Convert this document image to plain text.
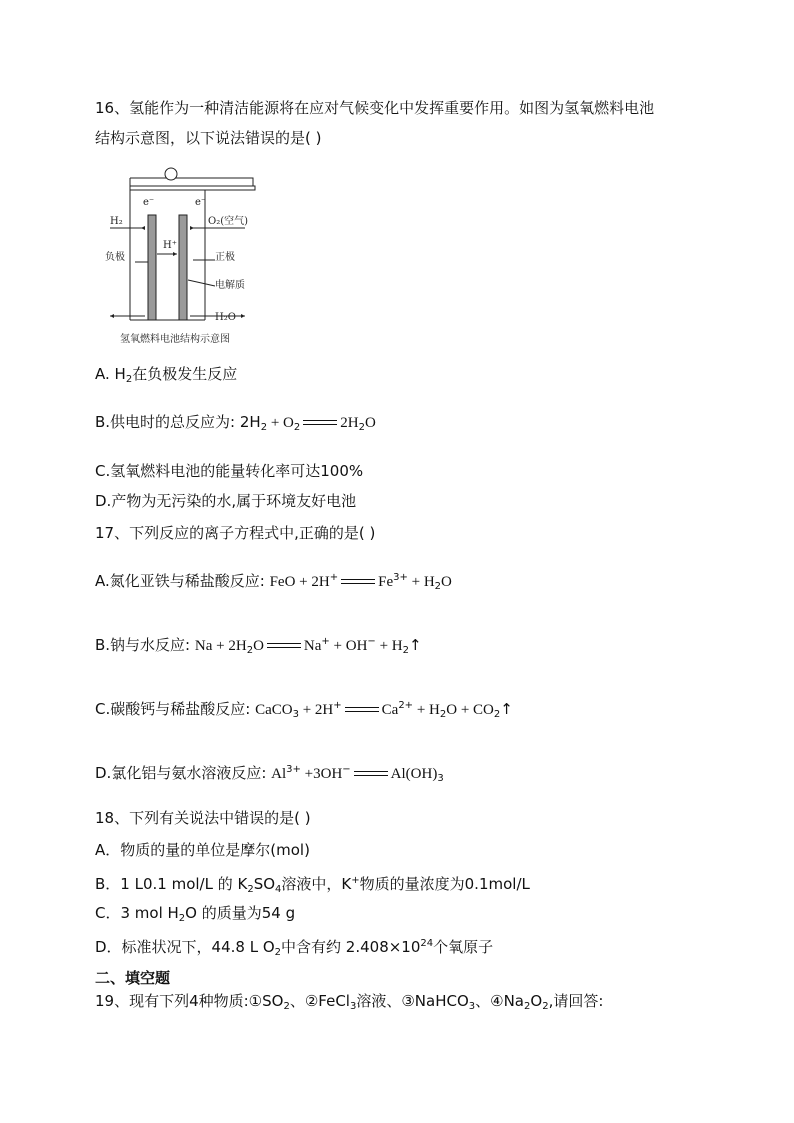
16、氢能作为一种清洁能源将在应对气候变化中发挥重要作用。如图为氢氧燃料电池
结构示意图，以下说法错误的是( )
e⁻	e⁻
H₂	O₂(空气)
H⁺
负极	正极
电解质
H₂O
氢氧燃料电池结构示意图
A. $H_2$在负极发生反应
B.供电时的总反应为: $2H_2 + O_2$	$2H_2O$
C.氢氧燃料电池的能量转化率可达100%
D.产物为无污染的水,属于环境友好电池
17、下列反应的离子方程式中,正确的是( )
A.氮化亚铁与稀盐酸反应: FeO + 2H+	$Fe^{3+} + H_2O$
B.钠与水反应: $Na + 2H_2O$	$Na^+ + OH^- + H_2↑$
C.碳酸钙与稀盐酸反应: CaCO$_3$ + 2H+	$Ca^{2+} + H_2O$ + $CO_2↑$
D.氯化铝与氨水溶液反应: $Al^{3+} +3OH^-$	$Al(OH)_3$
18、下列有关说法中错误的是( )
A．物质的量的单位是摩尔(mol)
B．1 L0.1 mol/L 的 $K_2SO_4$溶液中，K+物质的量浓度为0.1mol/L
C．3 mol $H_2O$ 的质量为54 g
D．标准状况下，44.8 L $O_2$中含有约 $2.408\times 10^{24}$个氧原子
二、填空题
19、现有下列4种物质$:①SO_2$、②FeCl$_3$溶液、③NaHCO$_3$、$④Na_2O_2$,请回答:
